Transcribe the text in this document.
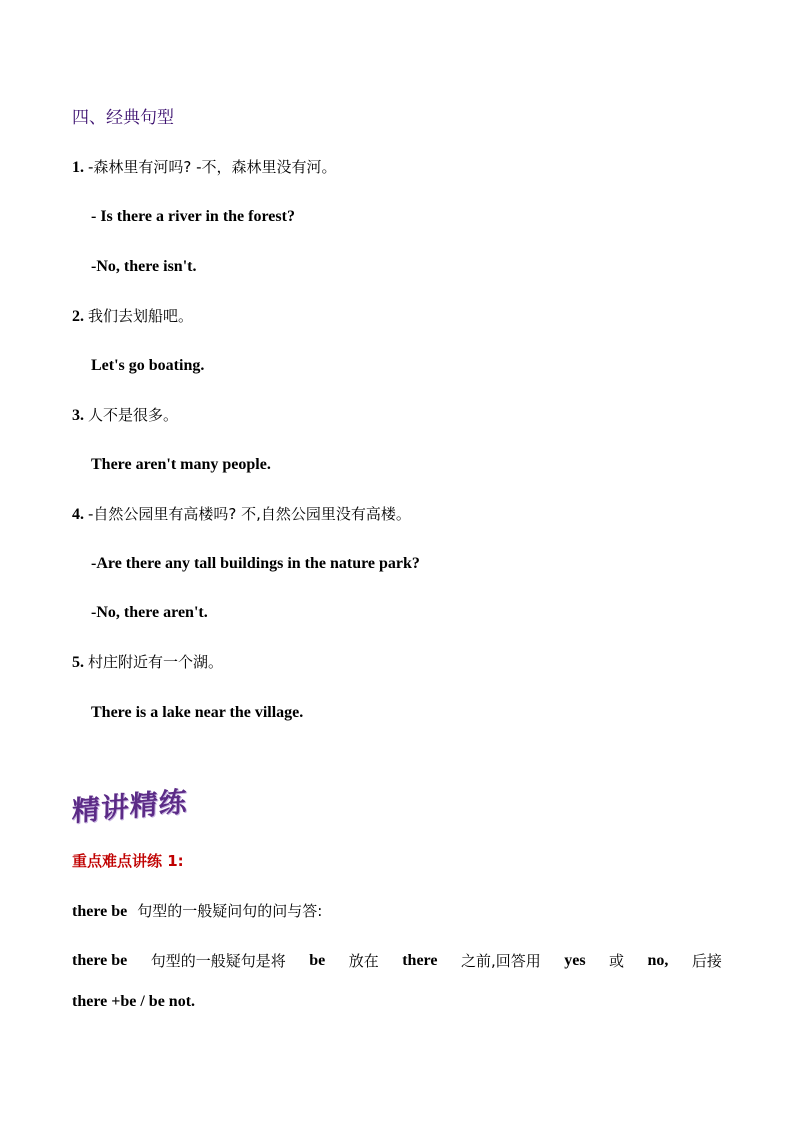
四、经典句型
1. -森林里有河吗? -不，森林里没有河。
- Is there a river in the forest?
-No, there isn't.
2. 我们去划船吧。
Let's go boating.
3. 人不是很多。
There aren't many people.
4. -自然公园里有高楼吗? 不,自然公园里没有高楼。
-Are there any tall buildings in the nature park?
-No, there aren't.
5. 村庄附近有一个湖。
There is a lake near the village.
精讲精练
重点难点讲练 1:
there be 句型的一般疑问句的问与答:
there be 句型的一般疑句是将 be 放在 there 之前,回答用 yes 或 no, 后接
there +be / be not.
